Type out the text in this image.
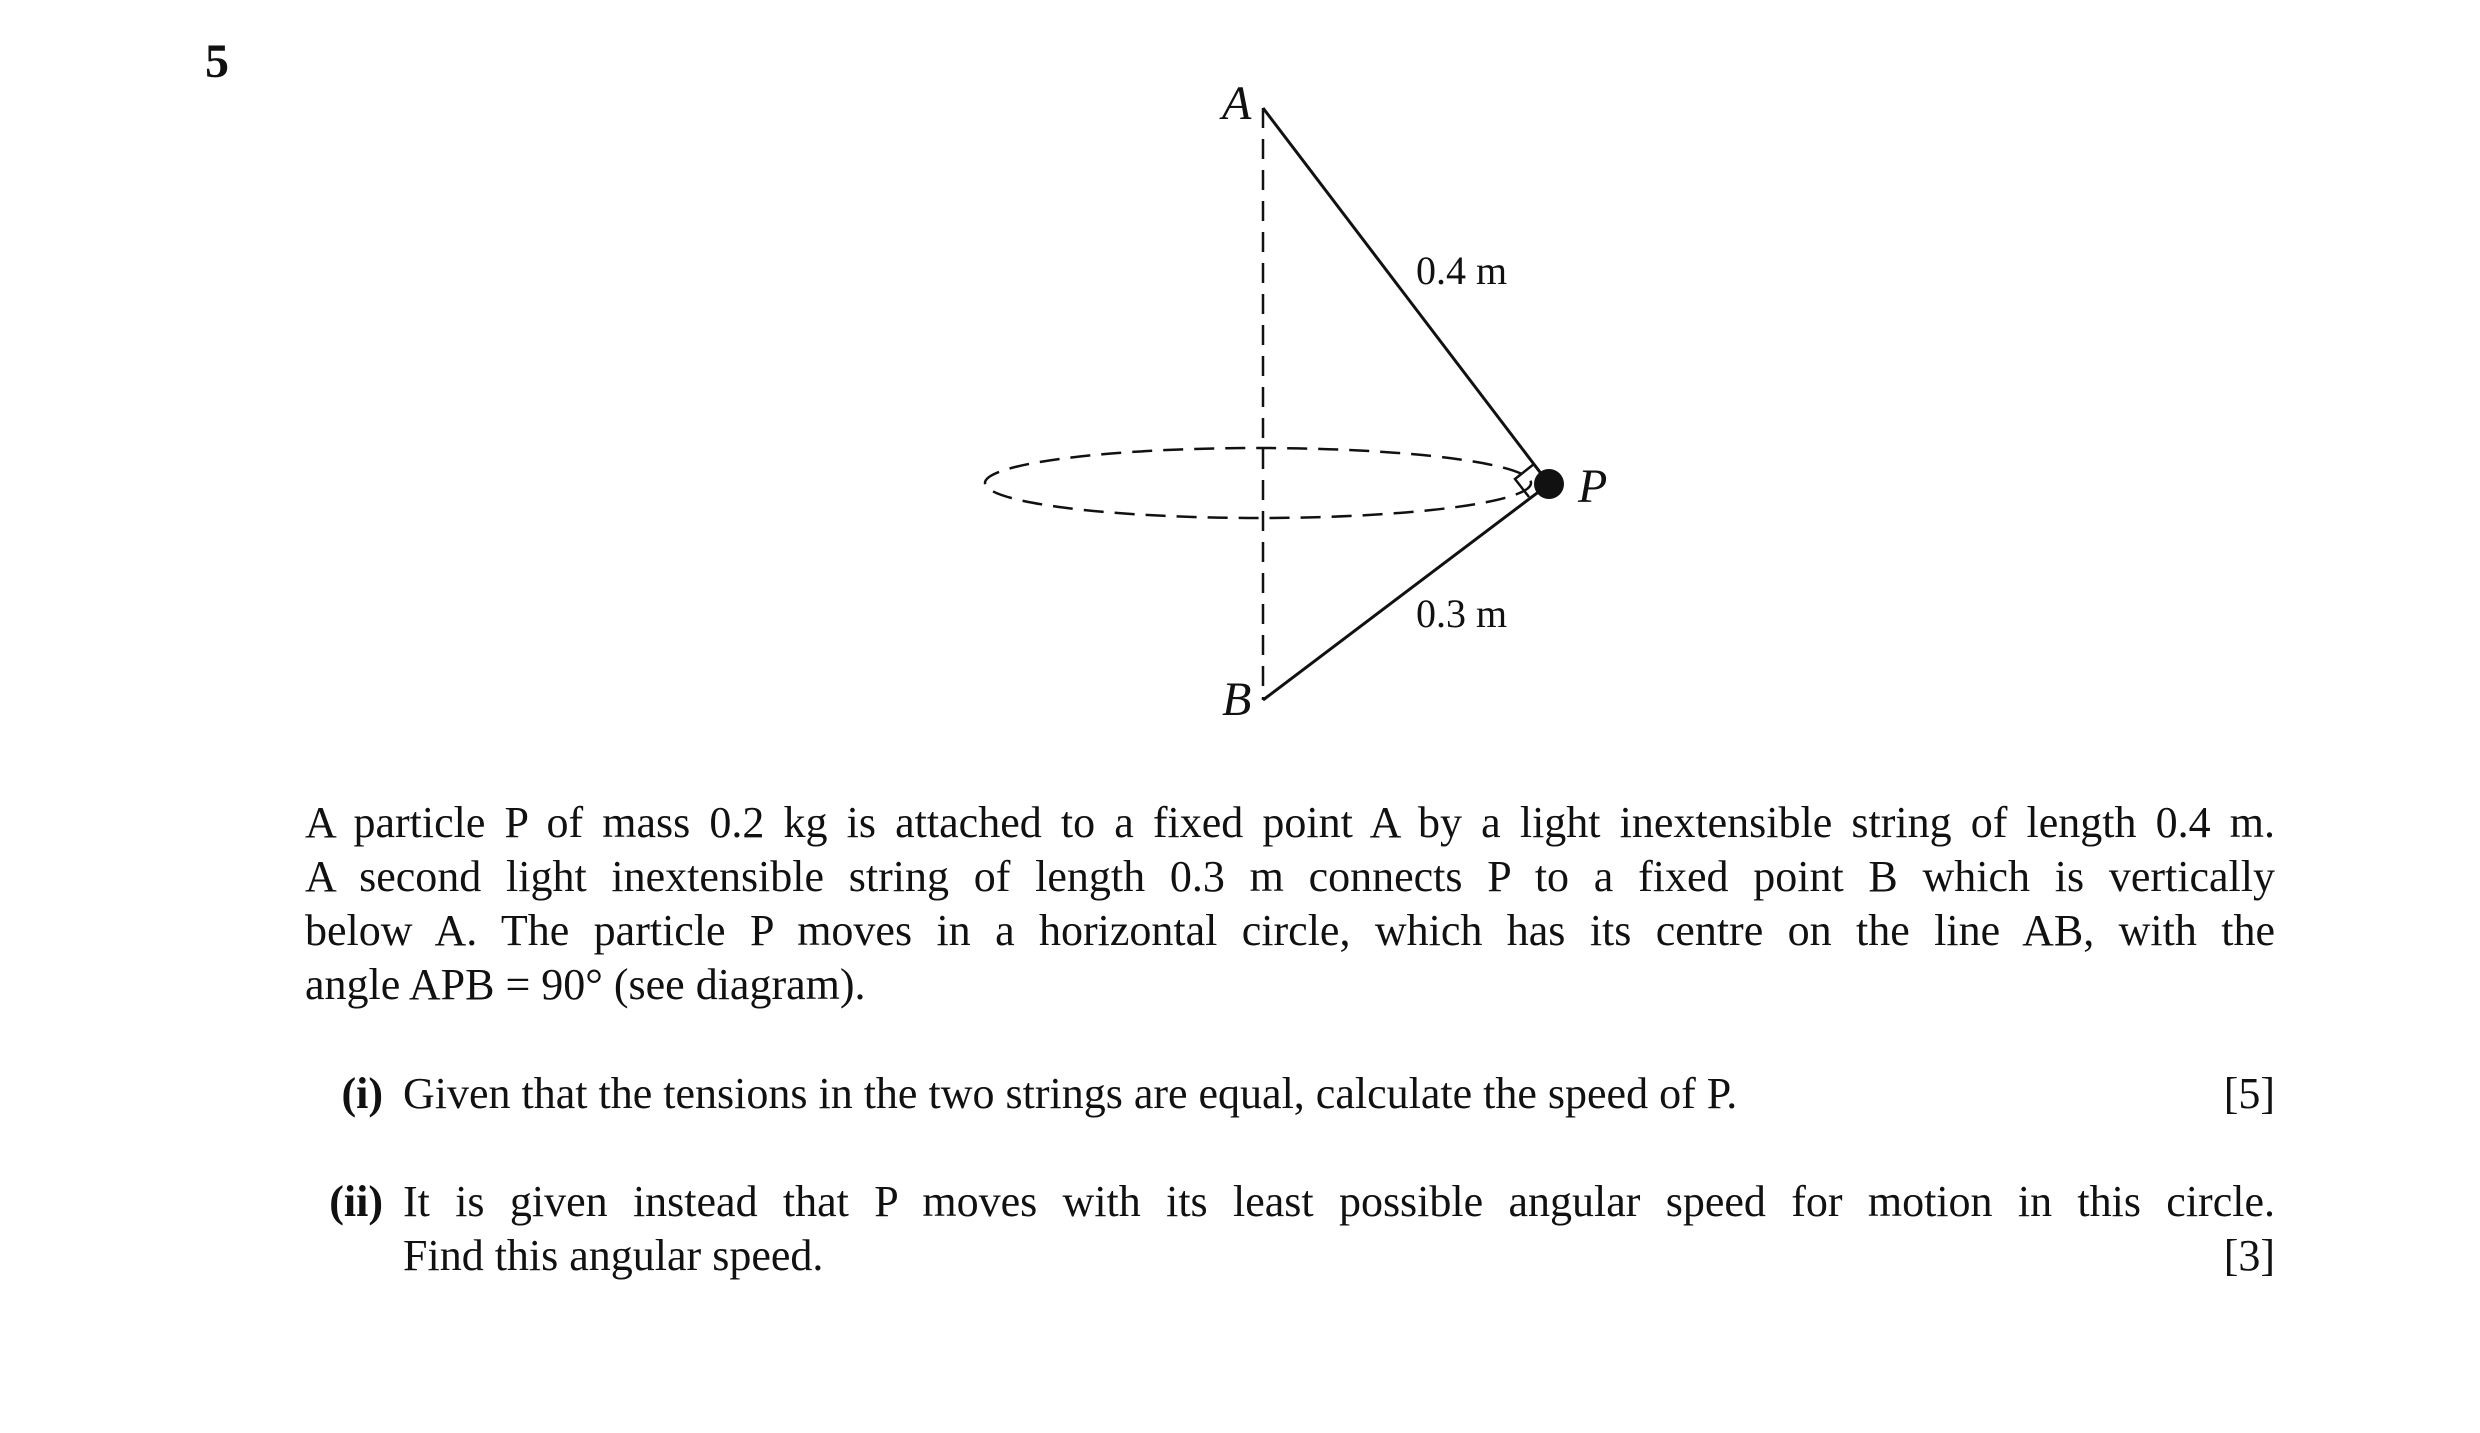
5
A
B
P
0.4 m
0.3 m
A particle P of mass 0.2 kg is attached to a fixed point A by a light inextensible string of length 0.4 m.
A second light inextensible string of length 0.3 m connects P to a fixed point B which is vertically
below A. The particle P moves in a horizontal circle, which has its centre on the line AB, with the
angle APB = 90° (see diagram).
(i) Given that the tensions in the two strings are equal, calculate the speed of P.	[5]
(ii) It is given instead that P moves with its least possible angular speed for motion in this circle.
Find this angular speed.	[3]
